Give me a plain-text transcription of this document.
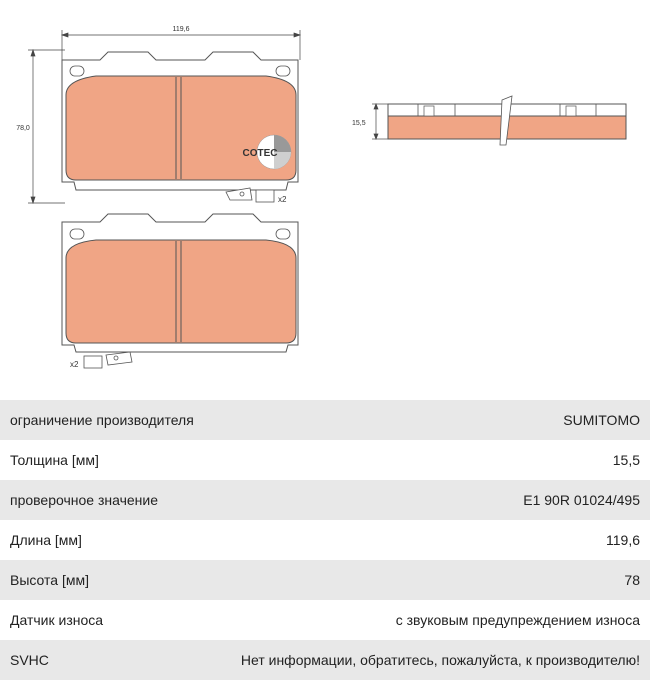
119,6
78,0
COTEC
x2
x2
15,5
ограничение производителя	SUMITOMO
Толщина [мм]	15,5
проверочное значение	E1 90R 01024/495
Длина [мм]	119,6
Высота [мм]	78
Датчик износа	с звуковым предупреждением износа
SVHC	Нет информации, обратитесь, пожалуйста, к производителю!
